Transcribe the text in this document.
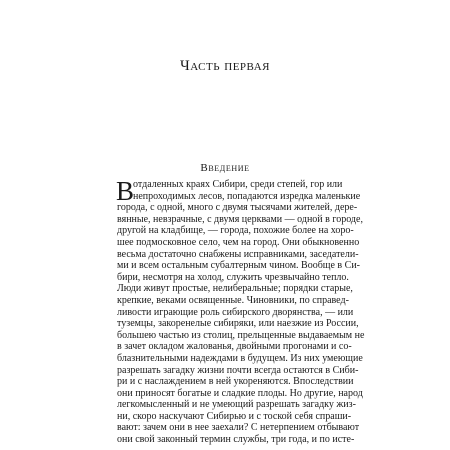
Часть первая
Введение
В
отдаленных краях Сибири, среди степей, гор или
непроходимых лесов, попадаются изредка маленькие
города, с одной, много с двумя тысячами жителей, дере-
вянные, невзрачные, с двумя церквами — одной в городе,
другой на кладбище, — города, похожие более на хоро-
шее подмосковное село, чем на город. Они обыкновенно
весьма достаточно снабжены исправниками, заседатели-
ми и всем остальным субалтерным чином. Вообще в Си-
бири, несмотря на холод, служить чрезвычайно тепло.
Люди живут простые, нелиберальные; порядки старые,
крепкие, веками освященные. Чиновники, по справед-
ливости играющие роль сибирского дворянства, — или
туземцы, закоренелые сибиряки, или наезжие из России,
большею частью из столиц, прельщенные выдаваемым не
в зачет окладом жалованья, двойными прогонами и со-
блазнительными надеждами в будущем. Из них умеющие
разрешать загадку жизни почти всегда остаются в Сиби-
ри и с наслаждением в ней укореняются. Впоследствии
они приносят богатые и сладкие плоды. Но другие, народ
легкомысленный и не умеющий разрешать загадку жиз-
ни, скоро наскучают Сибирью и с тоской себя спраши-
вают: зачем они в нее заехали? С нетерпением отбывают
они свой законный термин службы, три года, и по исте-
